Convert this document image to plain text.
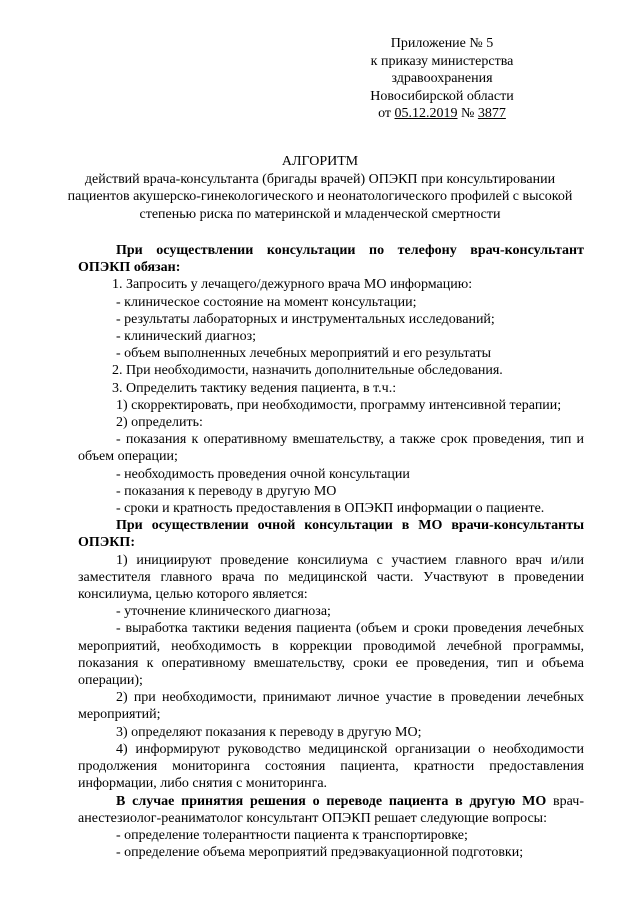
Приложение № 5
к приказу министерства
здравоохранения
Новосибирской области
от 05.12.2019 № 3877
АЛГОРИТМ
действий врача-консультанта (бригады врачей) ОПЭКП при консультировании пациентов акушерско-гинекологического и неонатологического профилей с высокой степенью риска по материнской и младенческой смертности

При осуществлении консультации по телефону врач-консультант ОПЭКП обязан:

1. Запросить у лечащего/дежурного врача МО информацию:

- клиническое состояние на момент консультации;

- результаты лабораторных и инструментальных исследований;

- клинический диагноз;

- объем выполненных лечебных мероприятий и его результаты

2. При необходимости, назначить дополнительные обследования.

3. Определить тактику ведения пациента, в т.ч.:

1) скорректировать, при необходимости, программу интенсивной терапии;

2) определить:

- показания к оперативному вмешательству, а также срок проведения, тип и объем операции;

- необходимость проведения очной консультации

- показания к переводу в другую МО

- сроки и кратность предоставления в ОПЭКП информации о пациенте.

При осуществлении очной консультации в МО врачи-консультанты ОПЭКП:

1) инициируют проведение консилиума с участием главного врач и/или заместителя главного врача по медицинской части. Участвуют в проведении консилиума, целью которого является:

- уточнение клинического диагноза;

- выработка тактики ведения пациента (объем и сроки проведения лечебных мероприятий, необходимость в коррекции проводимой лечебной программы, показания к оперативному вмешательству, сроки ее проведения, тип и объема операции);

2) при необходимости, принимают личное участие в проведении лечебных мероприятий;

3) определяют показания к переводу в другую МО;

4) информируют руководство медицинской организации о необходимости продолжения мониторинга состояния пациента, кратности предоставления информации, либо снятия с мониторинга.

В случае принятия решения о переводе пациента в другую МО врач-анестезиолог-реаниматолог консультант ОПЭКП решает следующие вопросы:

- определение толерантности пациента к транспортировке;

- определение объема мероприятий предэвакуационной подготовки;
